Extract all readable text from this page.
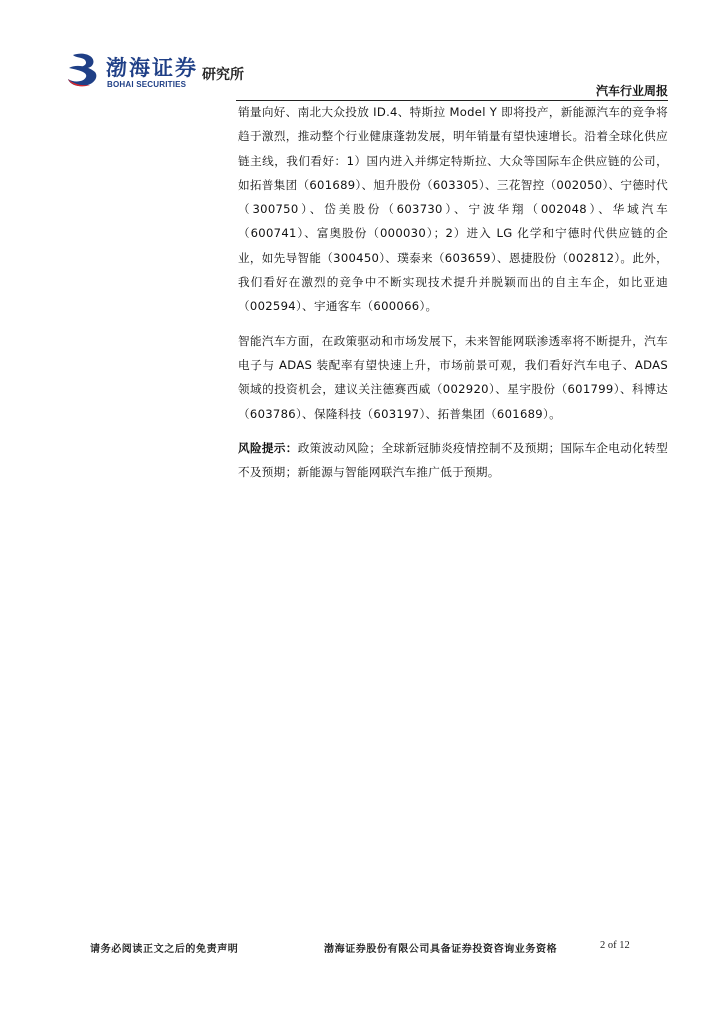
渤海证券
BOHAI SECURITIES
研究所
汽车行业周报

销量向好、南北大众投放 ID.4、特斯拉 Model Y 即将投产，新能源汽车的竞争将趋于激烈，推动整个行业健康蓬勃发展，明年销量有望快速增长。沿着全球化供应链主线，我们看好：1）国内进入并绑定特斯拉、大众等国际车企供应链的公司，如拓普集团（601689）、旭升股份（603305）、三花智控（002050）、宁德时代（300750）、岱美股份（603730）、宁波华翔（002048）、华域汽车（600741）、富奥股份（000030）；2）进入 LG 化学和宁德时代供应链的企业，如先导智能（300450）、璞泰来（603659）、恩捷股份（002812）。此外，我们看好在激烈的竞争中不断实现技术提升并脱颖而出的自主车企，如比亚迪（002594）、宇通客车（600066）。

智能汽车方面，在政策驱动和市场发展下，未来智能网联渗透率将不断提升，汽车电子与 ADAS 装配率有望快速上升，市场前景可观，我们看好汽车电子、ADAS 领域的投资机会，建议关注德赛西威（002920）、星宇股份（601799）、科博达（603786）、保隆科技（603197）、拓普集团（601689）。

风险提示：政策波动风险；全球新冠肺炎疫情控制不及预期；国际车企电动化转型不及预期；新能源与智能网联汽车推广低于预期。

请务必阅读正文之后的免责声明	渤海证券股份有限公司具备证券投资咨询业务资格	2 of 12
